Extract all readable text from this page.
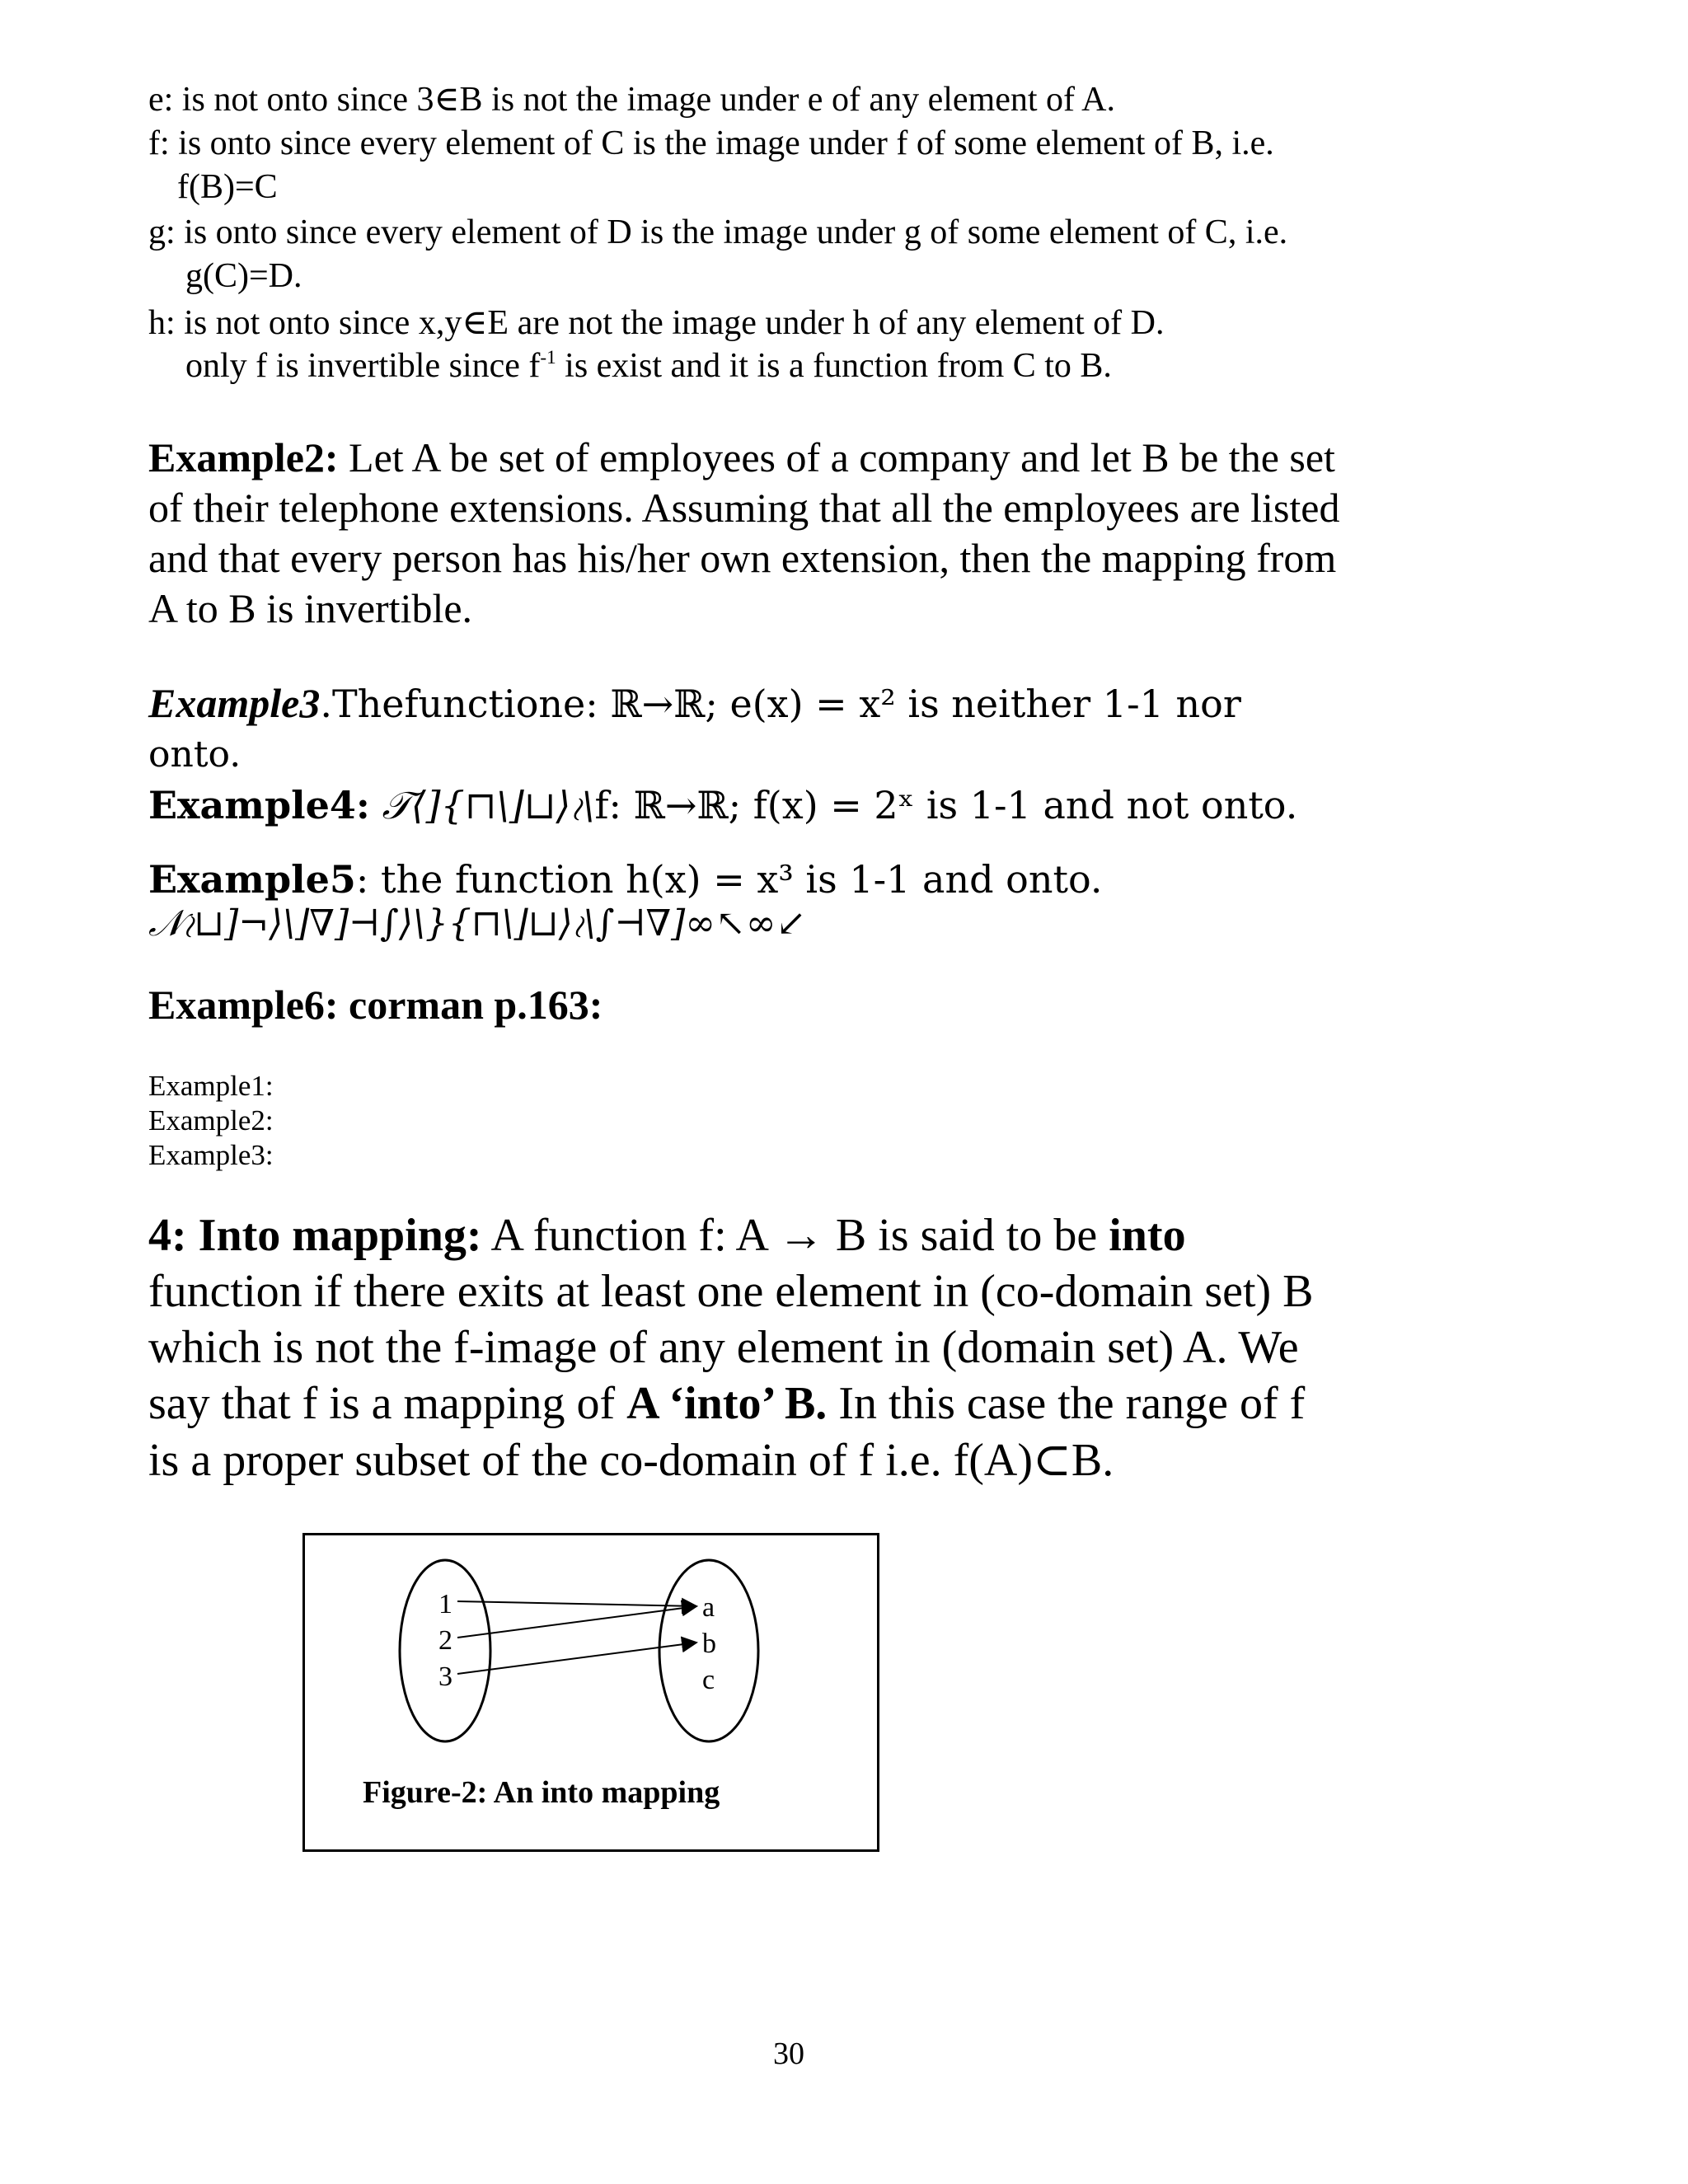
e: is not onto since 3∈B is not the image under e of any element of A.
f: is onto since every element of C is the image under f of some element of B, i.e.
f(B)=C
g: is onto since every element of D is the image under g of some element of C, i.e.
g(C)=D.
h: is not onto since x,y∈E are not the image under h of any element of D.
only f is invertible since $f^{-1}$ is exist and it is a function from C to B.
Example2: Let A be set of employees of a company and let B be the set
of their telephone extensions. Assuming that all the employees are listed
and that every person has his/her own extension, then the mapping from
A to B is invertible.
Example3.Thefunctione: ℝ→ℝ; e(x) = x² is neither 1-1 nor
onto.
Example4: 𝒯⟨]{⊓\⌋⊔⟩≀\f: ℝ→ℝ; f(x) = 2ˣ is 1-1 and not onto.
Example5: the function h(x) = x³ is 1-1 and onto.
𝒩≀⊔]¬⟩\⌋∇]⊣∫⟩\}{⊓\⌋⊔⟩≀\∫⊣∇]∞↖∞↙
Example6: corman p.163:
Example1:
Example2:
Example3:
4: Into mapping: A function f: A → B is said to be into
function if there exits at least one element in (co-domain set) B
which is not the f-image of any element in (domain set) A. We
say that f is a mapping of A ‘into’ B. In this case the range of f
is a proper subset of the co-domain of f i.e. f(A)⊂B.
1
2
3
a
b
c
Figure-2: An into mapping
30
